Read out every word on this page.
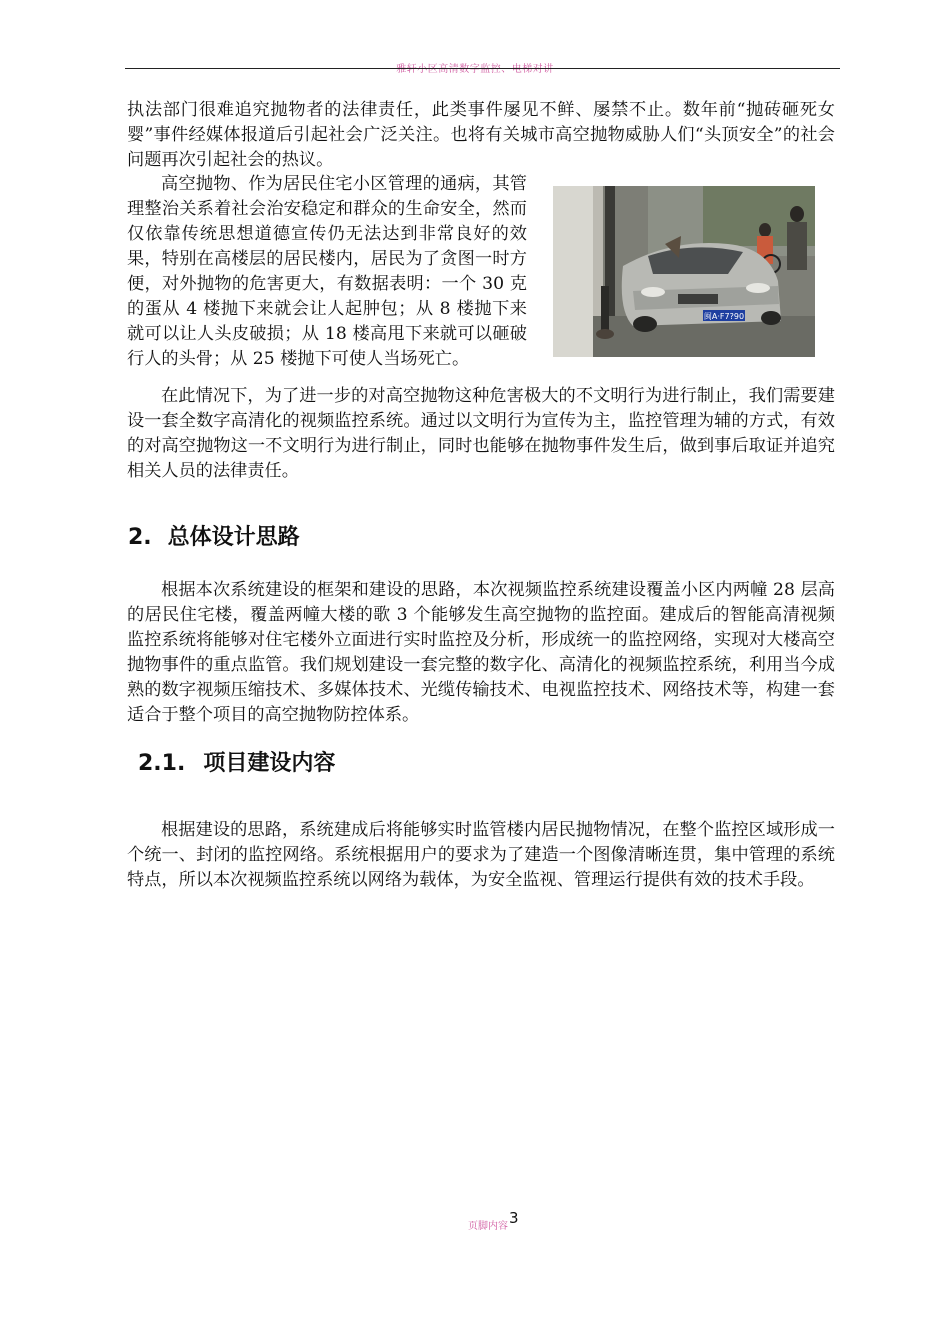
雅轩小区高清数字监控、电梯对讲

执法部门很难追究抛物者的法律责任，此类事件屡见不鲜、屡禁不止。数年前“抛砖砸死女婴”事件经媒体报道后引起社会广泛关注。也将有关城市高空抛物威胁人们“头顶安全”的社会问题再次引起社会的热议。

高空抛物、作为居民住宅小区管理的通病，其管理整治关系着社会治安稳定和群众的生命安全，然而仅依靠传统思想道德宣传仍无法达到非常良好的效果，特别在高楼层的居民楼内，居民为了贪图一时方便，对外抛物的危害更大，有数据表明：一个 30 克的蛋从 4 楼抛下来就会让人起肿包；从 8 楼抛下来就可以让人头皮破损；从 18 楼高甩下来就可以砸破行人的头骨；从 25 楼抛下可使人当场死亡。

闽A·F7?90

在此情况下，为了进一步的对高空抛物这种危害极大的不文明行为进行制止，我们需要建设一套全数字高清化的视频监控系统。通过以文明行为宣传为主，监控管理为辅的方式，有效的对高空抛物这一不文明行为进行制止，同时也能够在抛物事件发生后，做到事后取证并追究相关人员的法律责任。

2. 总体设计思路

根据本次系统建设的框架和建设的思路，本次视频监控系统建设覆盖小区内两幢 28 层高的居民住宅楼，覆盖两幢大楼的歌 3 个能够发生高空抛物的监控面。建成后的智能高清视频监控系统将能够对住宅楼外立面进行实时监控及分析，形成统一的监控网络，实现对大楼高空抛物事件的重点监管。我们规划建设一套完整的数字化、高清化的视频监控系统，利用当今成熟的数字视频压缩技术、多媒体技术、光缆传输技术、电视监控技术、网络技术等，构建一套适合于整个项目的高空抛物防控体系。

2.1. 项目建设内容

根据建设的思路，系统建成后将能够实时监管楼内居民抛物情况，在整个监控区域形成一个统一、封闭的监控网络。系统根据用户的要求为了建造一个图像清晰连贯，集中管理的系统特点，所以本次视频监控系统以网络为载体，为安全监视、管理运行提供有效的技术手段。

页脚内容3
